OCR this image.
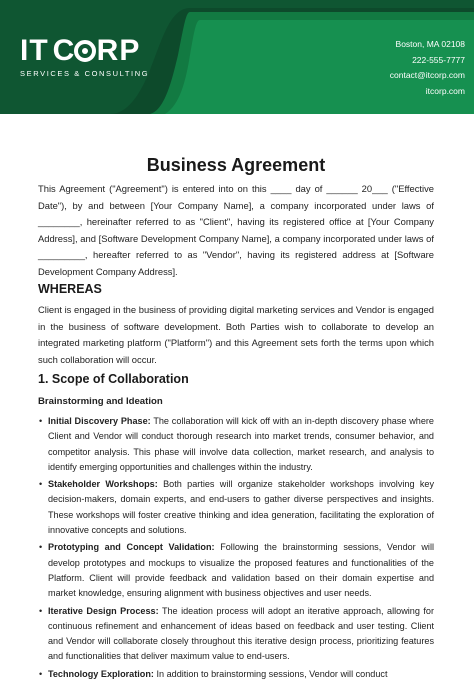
IT C RP
SERVICES & CONSULTING
Boston, MA 02108
222-555-7777
contact@itcorp.com
itcorp.com
Business Agreement

This Agreement ("Agreement") is entered into on this ____ day of ______ 20___ ("Effective Date"), by and between [Your Company Name], a company incorporated under laws of ________, hereinafter referred to as "Client", having its registered office at [Your Company Address], and [Software Development Company Name], a company incorporated under laws of _________, hereafter referred to as "Vendor", having its registered address at [Software Development Company Address].

WHEREAS

Client is engaged in the business of providing digital marketing services and Vendor is engaged in the business of software development. Both Parties wish to collaborate to develop an integrated marketing platform ("Platform") and this Agreement sets forth the terms upon which such collaboration will occur.

1. Scope of Collaboration
Brainstorming and Ideation
• Initial Discovery Phase: The collaboration will kick off with an in-depth discovery phase where Client and Vendor will conduct thorough research into market trends, consumer behavior, and competitor analysis. This phase will involve data collection, market research, and analysis to identify emerging opportunities and challenges within the industry.
• Stakeholder Workshops: Both parties will organize stakeholder workshops involving key decision-makers, domain experts, and end-users to gather diverse perspectives and insights. These workshops will foster creative thinking and idea generation, facilitating the exploration of innovative concepts and solutions.
• Prototyping and Concept Validation: Following the brainstorming sessions, Vendor will develop prototypes and mockups to visualize the proposed features and functionalities of the Platform. Client will provide feedback and validation based on their domain expertise and market knowledge, ensuring alignment with business objectives and user needs.
• Iterative Design Process: The ideation process will adopt an iterative approach, allowing for continuous refinement and enhancement of ideas based on feedback and user testing. Client and Vendor will collaborate closely throughout this iterative design process, prioritizing features and functionalities that deliver maximum value to end-users.
• Technology Exploration: In addition to brainstorming sessions, Vendor will conduct
